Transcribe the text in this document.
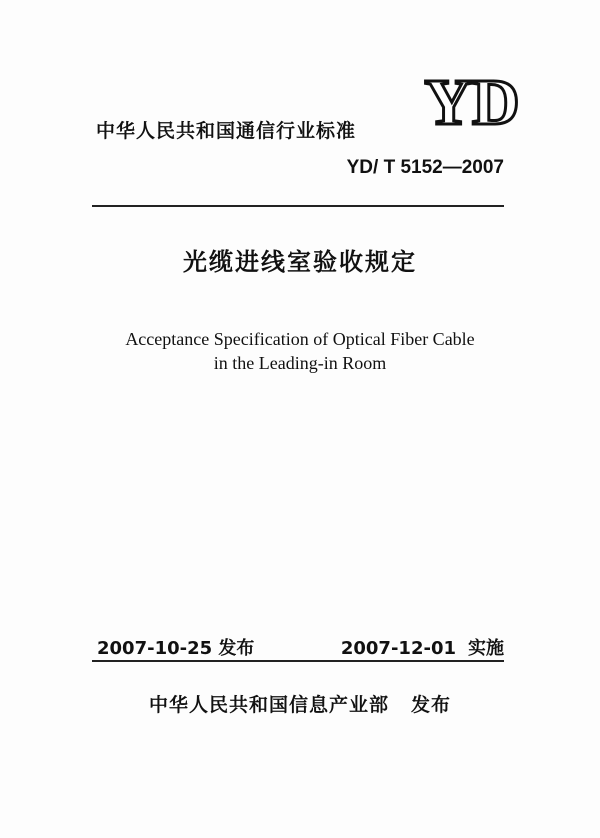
YD
中华人民共和国通信行业标准
YD/ T 5152—2007
光缆进线室验收规定
Acceptance Specification of Optical Fiber Cable
in the Leading-in Room
2007-10-25 发布	2007-12-01 实施
中华人民共和国信息产业部 发布
